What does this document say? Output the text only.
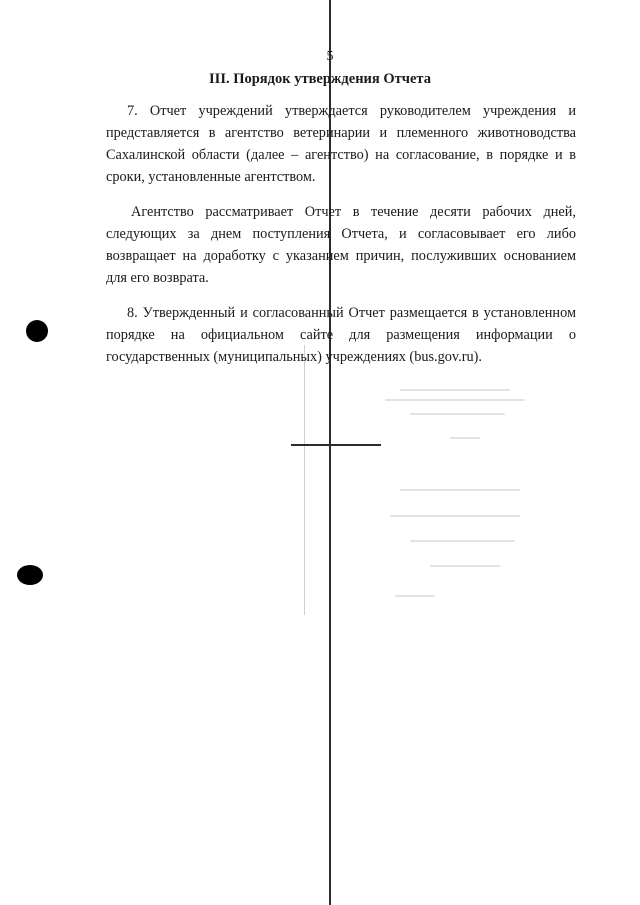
5
III. Порядок утверждения Отчета

7. Отчет учреждений утверждается руководителем учреждения и представляется в агентство ветеринарии и племенного животноводства Сахалинской области (далее – агентство) на согласование, в порядке и в сроки, установленные агентством.

Агентство рассматривает Отчет в течение десяти рабочих дней, следующих за днем поступления Отчета, и согласовывает его либо возвращает на доработку с указанием причин, послуживших основанием для его возврата.

8. Утвержденный и согласованный Отчет размещается в установленном порядке на официальном сайте для размещения информации о государственных (муниципальных) учреждениях (bus.gov.ru).
